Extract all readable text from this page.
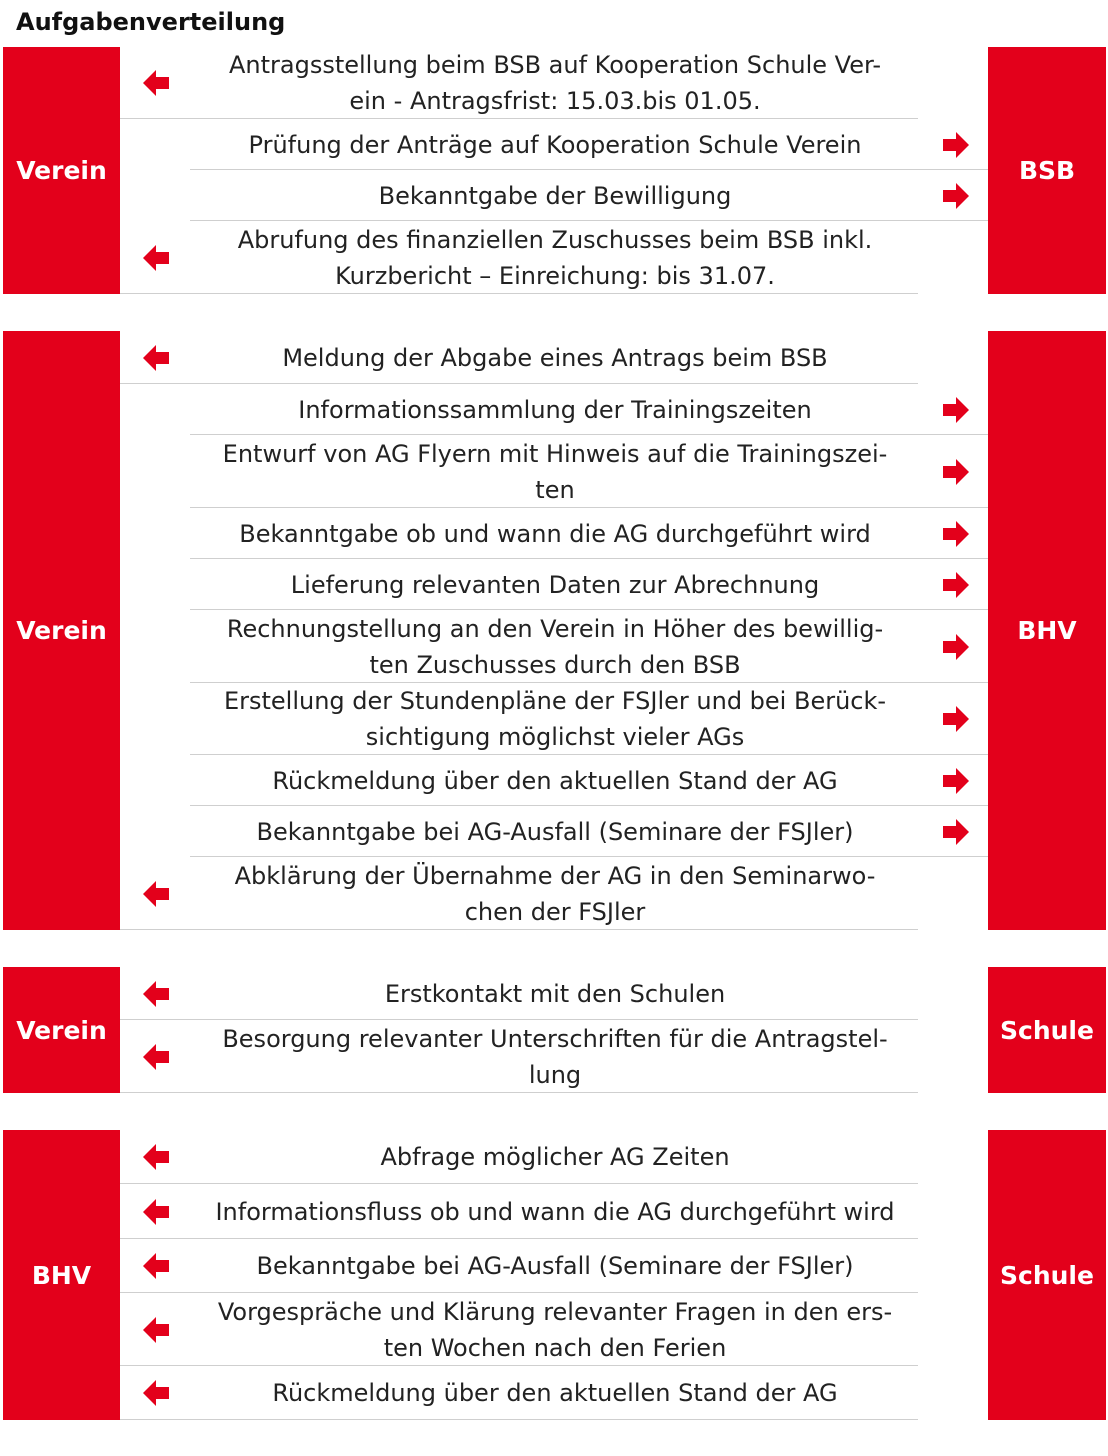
Aufgabenverteilung
Verein	BSB
Antragsstellung beim BSB auf Kooperation Schule Ver-
ein - Antragsfrist: 15.03.bis 01.05.
Prüfung der Anträge auf Kooperation Schule Verein
Bekanntgabe der Bewilligung
Abrufung des finanziellen Zuschusses beim BSB inkl.
Kurzbericht – Einreichung: bis 31.07.
Verein	BHV
Meldung der Abgabe eines Antrags beim BSB
Informationssammlung der Trainingszeiten
Entwurf von AG Flyern mit Hinweis auf die Trainingszei-
ten
Bekanntgabe ob und wann die AG durchgeführt wird
Lieferung relevanten Daten zur Abrechnung
Rechnungstellung an den Verein in Höher des bewillig-
ten Zuschusses durch den BSB
Erstellung der Stundenpläne der FSJler und bei Berück-
sichtigung möglichst vieler AGs
Rückmeldung über den aktuellen Stand der AG
Bekanntgabe bei AG-Ausfall (Seminare der FSJler)
Abklärung der Übernahme der AG in den Seminarwo-
chen der FSJler
Verein	Schule
Erstkontakt mit den Schulen
Besorgung relevanter Unterschriften für die Antragstel-
lung
BHV	Schule
Abfrage möglicher AG Zeiten
Informationsfluss ob und wann die AG durchgeführt wird
Bekanntgabe bei AG-Ausfall (Seminare der FSJler)
Vorgespräche und Klärung relevanter Fragen in den ers-
ten Wochen nach den Ferien
Rückmeldung über den aktuellen Stand der AG
